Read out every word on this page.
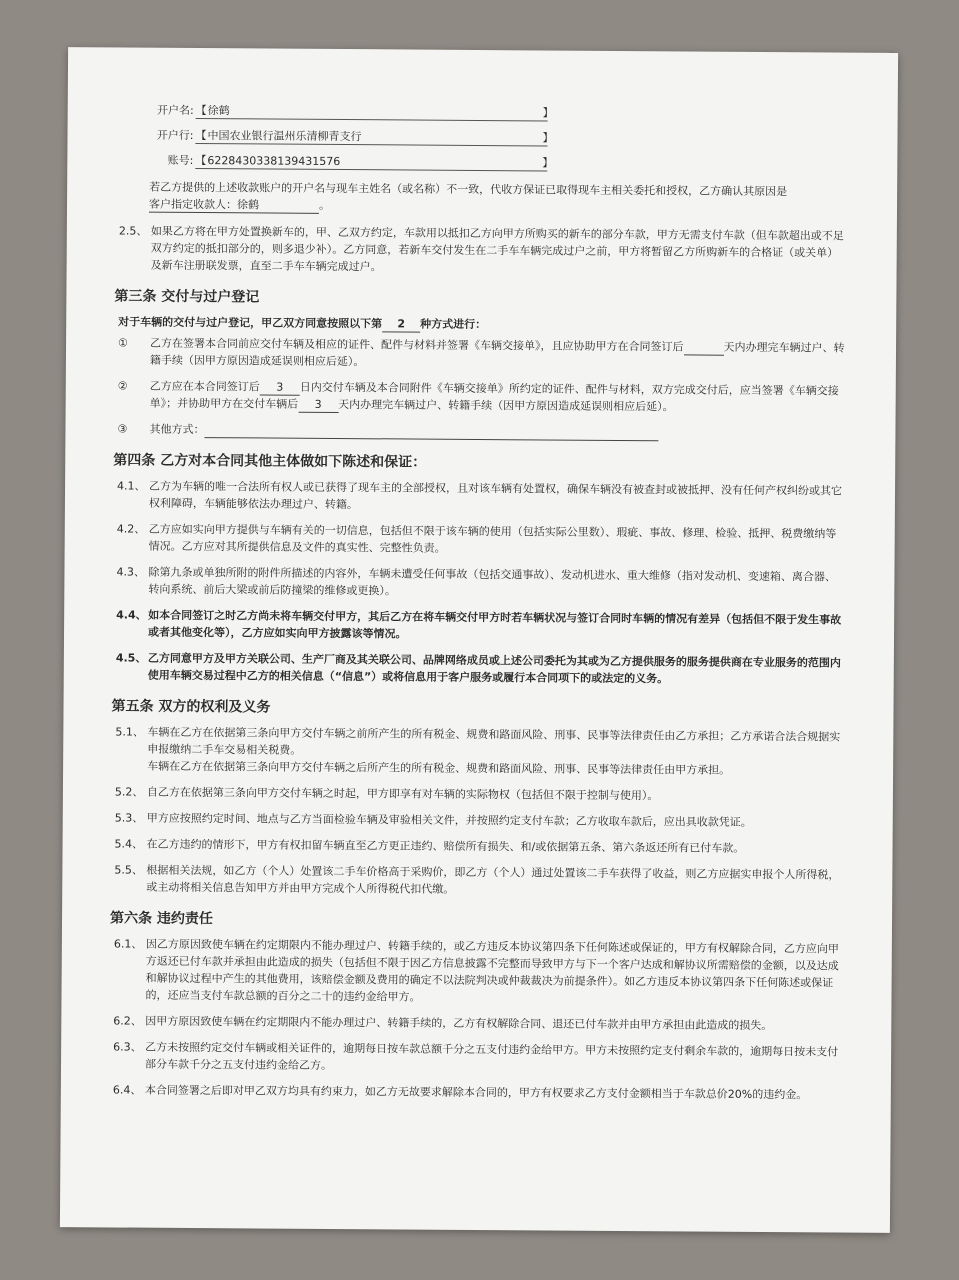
开户名: 【 徐鹤	】
开户行: 【 中国农业银行温州乐清柳青支行	】
账号: 【 6228430338139431576	】

若乙方提供的上述收款账户的开户名与现车主姓名（或名称）不一致，代收方保证已取得现车主相关委托和授权，乙方确认其原因是客户指定收款人：徐鹤	。

2.5、 如果乙方将在甲方处置换新车的，甲、乙双方约定，车款用以抵扣乙方向甲方所购买的新车的部分车款，甲方无需支付车款（但车款超出或不足双方约定的抵扣部分的，则多退少补）。乙方同意，若新车交付发生在二手车车辆完成过户之前，甲方将暂留乙方所购新车的合格证（或关单）及新车注册联发票，直至二手车车辆完成过户。
第三条 交付与过户登记

对于车辆的交付与过户登记，甲乙双方同意按照以下第 2 种方式进行：

①	乙方在签署本合同前应交付车辆及相应的证件、配件与材料并签署《车辆交接单》，且应协助甲方在合同签订后	天内办理完车辆过户、转籍手续（因甲方原因造成延误则相应后延）。
②	乙方应在本合同签订后 3 日内交付车辆及本合同附件《车辆交接单》所约定的证件、配件与材料，双方完成交付后，应当签署《车辆交接单》；并协助甲方在交付车辆后 3 天内办理完车辆过户、转籍手续（因甲方原因造成延误则相应后延）。
③	其他方式：
第四条 乙方对本合同其他主体做如下陈述和保证：
4.1、 乙方为车辆的唯一合法所有权人或已获得了现车主的全部授权，且对该车辆有处置权，确保车辆没有被查封或被抵押、没有任何产权纠纷或其它权利障碍，车辆能够依法办理过户、转籍。
4.2、 乙方应如实向甲方提供与车辆有关的一切信息，包括但不限于该车辆的使用（包括实际公里数）、瑕疵、事故、修理、检验、抵押、税费缴纳等情况。乙方应对其所提供信息及文件的真实性、完整性负责。
4.3、 除第九条或单独所附的附件所描述的内容外，车辆未遭受任何事故（包括交通事故）、发动机进水、重大维修（指对发动机、变速箱、离合器、转向系统、前后大梁或前后防撞梁的维修或更换）。
4.4、 如本合同签订之时乙方尚未将车辆交付甲方，其后乙方在将车辆交付甲方时若车辆状况与签订合同时车辆的情况有差异（包括但不限于发生事故或者其他变化等），乙方应如实向甲方披露该等情况。
4.5、 乙方同意甲方及甲方关联公司、生产厂商及其关联公司、品牌网络成员或上述公司委托为其或为乙方提供服务的服务提供商在专业服务的范围内使用车辆交易过程中乙方的相关信息（“信息”）或将信息用于客户服务或履行本合同项下的或法定的义务。
第五条 双方的权利及义务
5.1、 车辆在乙方在依据第三条向甲方交付车辆之前所产生的所有税金、规费和路面风险、刑事、民事等法律责任由乙方承担；乙方承诺合法合规据实申报缴纳二手车交易相关税费。
车辆在乙方在依据第三条向甲方交付车辆之后所产生的所有税金、规费和路面风险、刑事、民事等法律责任由甲方承担。
5.2、 自乙方在依据第三条向甲方交付车辆之时起，甲方即享有对车辆的实际物权（包括但不限于控制与使用）。
5.3、 甲方应按照约定时间、地点与乙方当面检验车辆及审验相关文件，并按照约定支付车款；乙方收取车款后，应出具收款凭证。
5.4、 在乙方违约的情形下，甲方有权扣留车辆直至乙方更正违约、赔偿所有损失、和/或依据第五条、第六条返还所有已付车款。
5.5、 根据相关法规，如乙方（个人）处置该二手车价格高于采购价，即乙方（个人）通过处置该二手车获得了收益，则乙方应据实申报个人所得税，或主动将相关信息告知甲方并由甲方完成个人所得税代扣代缴。
第六条 违约责任
6.1、 因乙方原因致使车辆在约定期限内不能办理过户、转籍手续的，或乙方违反本协议第四条下任何陈述或保证的，甲方有权解除合同，乙方应向甲方返还已付车款并承担由此造成的损失（包括但不限于因乙方信息披露不完整而导致甲方与下一个客户达成和解协议所需赔偿的金额，以及达成和解协议过程中产生的其他费用，该赔偿金额及费用的确定不以法院判决或仲裁裁决为前提条件）。如乙方违反本协议第四条下任何陈述或保证的，还应当支付车款总额的百分之二十的违约金给甲方。
6.2、 因甲方原因致使车辆在约定期限内不能办理过户、转籍手续的，乙方有权解除合同、退还已付车款并由甲方承担由此造成的损失。
6.3、 乙方未按照约定交付车辆或相关证件的，逾期每日按车款总额千分之五支付违约金给甲方。甲方未按照约定支付剩余车款的，逾期每日按未支付部分车款千分之五支付违约金给乙方。
6.4、 本合同签署之后即对甲乙双方均具有约束力，如乙方无故要求解除本合同的，甲方有权要求乙方支付金额相当于车款总价20%的违约金。
